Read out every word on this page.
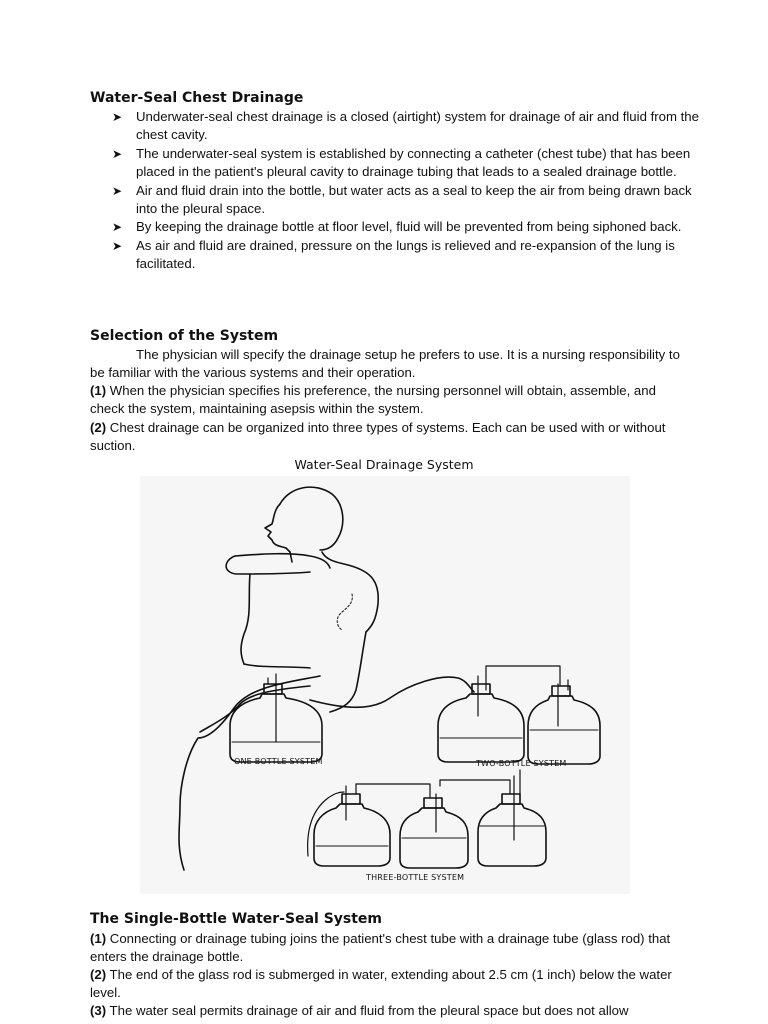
Water-Seal Chest Drainage
➤ Underwater-seal chest drainage is a closed (airtight) system for drainage of air and fluid from the chest cavity.
➤ The underwater-seal system is established by connecting a catheter (chest tube) that has been placed in the patient's pleural cavity to drainage tubing that leads to a sealed drainage bottle.
➤ Air and fluid drain into the bottle, but water acts as a seal to keep the air from being drawn back into the pleural space.
➤ By keeping the drainage bottle at floor level, fluid will be prevented from being siphoned back.
➤ As air and fluid are drained, pressure on the lungs is relieved and re-expansion of the lung is facilitated.
Selection of the System

The physician will specify the drainage setup he prefers to use. It is a nursing responsibility to be familiar with the various systems and their operation.

(1) When the physician specifies his preference, the nursing personnel will obtain, assemble, and check the system, maintaining asepsis within the system.

(2) Chest drainage can be organized into three types of systems. Each can be used with or without suction.

Water-Seal Drainage System
ONE-BOTTLE SYSTEM	TWO-BOTTLE SYSTEM
THREE-BOTTLE SYSTEM
The Single-Bottle Water-Seal System

(1) Connecting or drainage tubing joins the patient's chest tube with a drainage tube (glass rod) that enters the drainage bottle.

(2) The end of the glass rod is submerged in water, extending about 2.5 cm (1 inch) below the water level.

(3) The water seal permits drainage of air and fluid from the pleural space but does not allow
